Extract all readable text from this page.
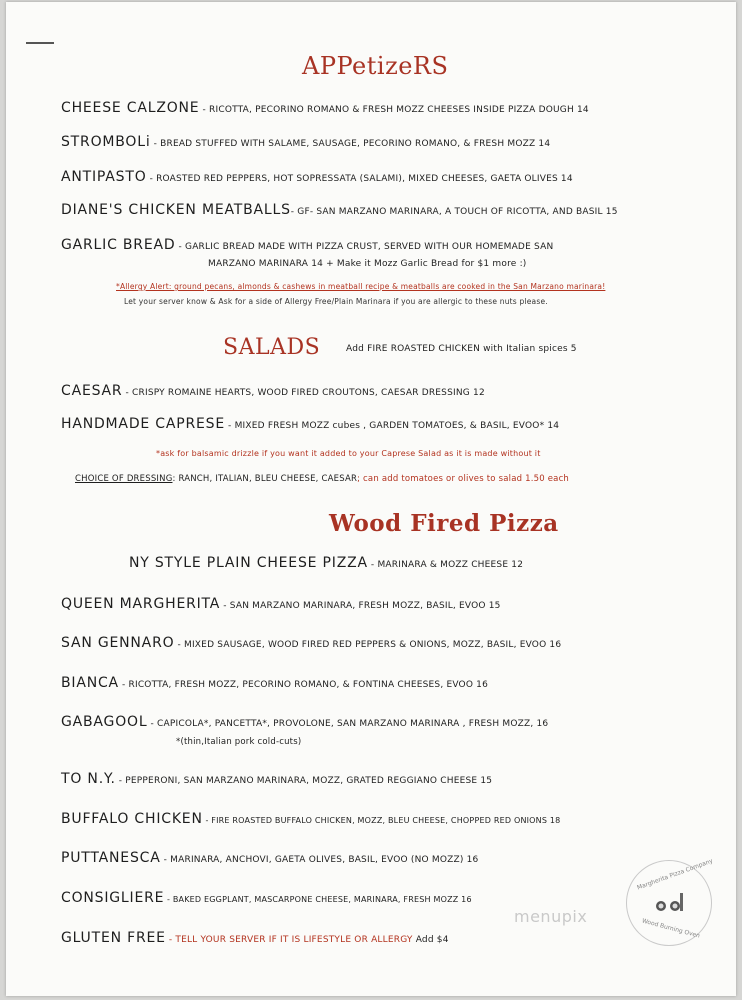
APPetizeRS
CHEESE CALZONE - RICOTTA, PECORINO ROMANO & FRESH MOZZ CHEESES INSIDE PIZZA DOUGH 14
STROMBOLi - BREAD STUFFED WITH SALAME, SAUSAGE, PECORINO ROMANO, & FRESH MOZZ 14
ANTIPASTO - ROASTED RED PEPPERS, HOT SOPRESSATA (SALAMI), MIXED CHEESES, GAETA OLIVES 14
DIANE'S CHICKEN MEATBALLS- GF- SAN MARZANO MARINARA, A TOUCH OF RICOTTA, AND BASIL 15
GARLIC BREAD - GARLIC BREAD MADE WITH PIZZA CRUST, SERVED WITH OUR HOMEMADE SAN
MARZANO MARINARA 14 + Make it Mozz Garlic Bread for $1 more :)
*Allergy Alert: ground pecans, almonds & cashews in meatball recipe & meatballs are cooked in the San Marzano marinara!
Let your server know & Ask for a side of Allergy Free/Plain Marinara if you are allergic to these nuts please.
SALADS	Add FIRE ROASTED CHICKEN with Italian spices 5
CAESAR - CRISPY ROMAINE HEARTS, WOOD FIRED CROUTONS, CAESAR DRESSING 12
HANDMADE CAPRESE - MIXED FRESH MOZZ cubes , GARDEN TOMATOES, & BASIL, EVOO* 14
*ask for balsamic drizzle if you want it added to your Caprese Salad as it is made without it
CHOICE OF DRESSING: RANCH, ITALIAN, BLEU CHEESE, CAESAR; can add tomatoes or olives to salad 1.50 each
Wood Fired Pizza
NY STYLE PLAIN CHEESE PIZZA - MARINARA & MOZZ CHEESE 12
QUEEN MARGHERITA - SAN MARZANO MARINARA, FRESH MOZZ, BASIL, EVOO 15
SAN GENNARO - MIXED SAUSAGE, WOOD FIRED RED PEPPERS & ONIONS, MOZZ, BASIL, EVOO 16
BIANCA - RICOTTA, FRESH MOZZ, PECORINO ROMANO, & FONTINA CHEESES, EVOO 16
GABAGOOL - CAPICOLA*, PANCETTA*, PROVOLONE, SAN MARZANO MARINARA , FRESH MOZZ, 16
*(thin,Italian pork cold-cuts)
TO N.Y. - PEPPERONI, SAN MARZANO MARINARA, MOZZ, GRATED REGGIANO CHEESE 15
BUFFALO CHICKEN - FIRE ROASTED BUFFALO CHICKEN, MOZZ, BLEU CHEESE, CHOPPED RED ONIONS 18
PUTTANESCA - MARINARA, ANCHOVI, GAETA OLIVES, BASIL, EVOO (NO MOZZ) 16
CONSIGLIERE - BAKED EGGPLANT, MASCARPONE CHEESE, MARINARA, FRESH MOZZ 16
GLUTEN FREE - TELL YOUR SERVER IF IT IS LIFESTYLE OR ALLERGY Add $4
Margherita Pizza Company
Wood Burning Oven
menupix
